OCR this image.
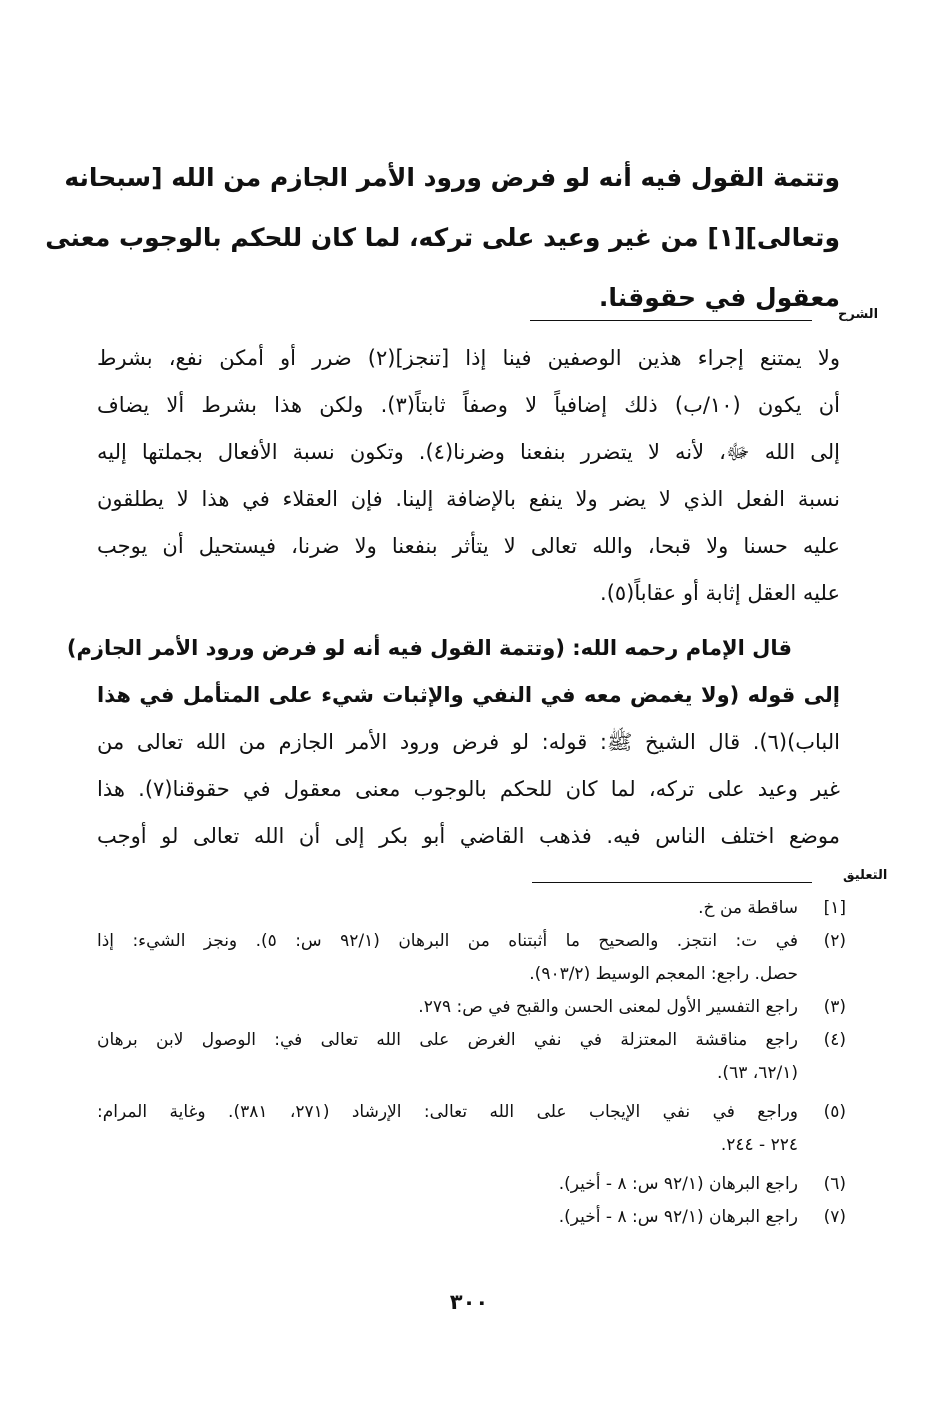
وتتمة القول فيه أنه لو فرض ورود الأمر الجازم من الله [سبحانه
وتعالى][١] من غير وعيد على تركه، لما كان للحكم بالوجوب معنى
معقول في حقوقنا.
الشرح
ولا يمتنع إجراء هذين الوصفين فينا إذا [تنجز](٢) ضرر أو أمكن نفع، بشرط
أن يكون (١٠/ب) ذلك إضافياً لا وصفاً ثابتاً(٣). ولكن هذا بشرط ألا يضاف
إلى الله ﷻ، لأنه لا يتضرر بنفعنا وضرنا(٤). وتكون نسبة الأفعال بجملتها إليه
نسبة الفعل الذي لا يضر ولا ينفع بالإضافة إلينا. فإن العقلاء في هذا لا يطلقون
عليه حسنا ولا قبحا، والله تعالى لا يتأثر بنفعنا ولا ضرنا، فيستحيل أن يوجب
عليه العقل إثابة أو عقاباً(٥).
قال الإمام رحمه الله: (وتتمة القول فيه أنه لو فرض ورود الأمر الجازم)
إلى قوله (ولا يغمض معه في النفي والإثبات شيء على المتأمل في هذا
الباب)(٦). قال الشيخ ﷺ: قوله: لو فرض ورود الأمر الجازم من الله تعالى من
غير وعيد على تركه، لما كان للحكم بالوجوب معنى معقول في حقوقنا(٧). هذا
موضع اختلف الناس فيه. فذهب القاضي أبو بكر إلى أن الله تعالى لو أوجب
التعليق
[١]
ساقطة من خ.
(٢)
في ت: انتجز. والصحيح ما أثبتناه من البرهان (٩٢/١ س: ٥). ونجز الشيء: إذا
حصل. راجع: المعجم الوسيط (٩٠٣/٢).
(٣)
راجع التفسير الأول لمعنى الحسن والقبح في ص: ٢٧٩.
(٤)
راجع مناقشة المعتزلة في نفي الغرض على الله تعالى في: الوصول لابن برهان
(٦٢/١، ٦٣).
(٥)
وراجع في نفي الإيجاب على الله تعالى: الإرشاد (٢٧١، ٣٨١). وغاية المرام:
٢٢٤ - ٢٤٤.
(٦)
راجع البرهان (٩٢/١ س: ٨ - أخير).
(٧)
راجع البرهان (٩٢/١ س: ٨ - أخير).
٣٠٠
